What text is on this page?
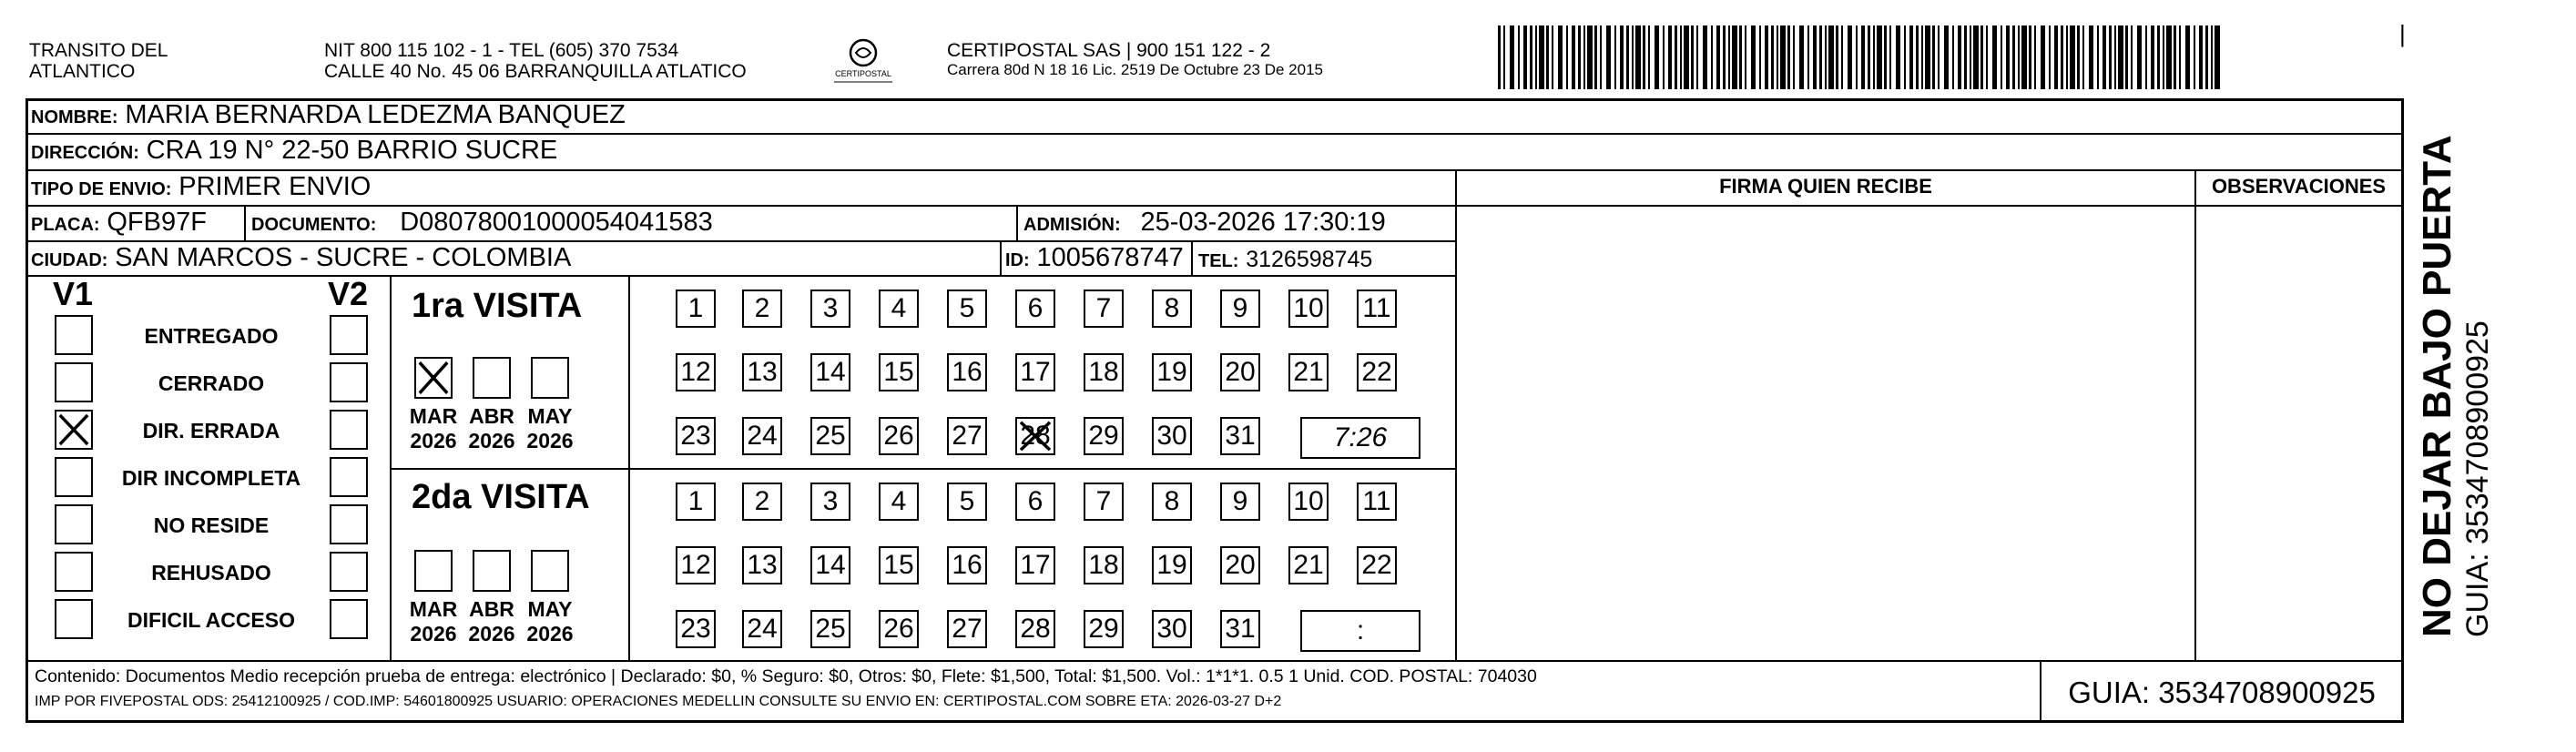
TRANSITO DEL
ATLANTICO
NIT 800 115 102 - 1 - TEL (605) 370 7534
CALLE 40 No. 45 06 BARRANQUILLA ATLATICO	CERTIPOSTAL
CERTIPOSTAL SAS | 900 151 122 - 2
Carrera 80d N 18 16 Lic. 2519 De Octubre 23 De 2015
|
NOMBRE: MARIA BERNARDA LEDEZMA BANQUEZ
DIRECCIÓN: CRA 19 N° 22-50 BARRIO SUCRE
TIPO DE ENVIO: PRIMER ENVIO	FIRMA QUIEN RECIBE	OBSERVACIONES
PLACA: QFB97F DOCUMENTO: D08078001000054041583	ADMISIÓN: 25-03-2026 17:30:19
CIUDAD: SAN MARCOS - SUCRE - COLOMBIA	ID: 1005678747 TEL: 3126598745
V1	V2 1ra VISITA
2da VISITA	NO DEJAR BAJO PUERTA GUIA: 3534708900925
Contenido: Documentos Medio recepción prueba de entrega: electrónico | Declarado: $0, % Seguro: $0, Otros: $0, Flete: $1,500, Total: $1,500. Vol.: 1*1*1. 0.5 1 Unid. COD. POSTAL: 704030
IMP POR FIVEPOSTAL ODS: 25412100925 / COD.IMP: 54601800925 USUARIO: OPERACIONES MEDELLIN CONSULTE SU ENVIO EN: CERTIPOSTAL.COM SOBRE ETA: 2026-03-27 D+2	GUIA: 3534708900925
ENTREGADO
CERRADO
DIR. ERRADA
DIR INCOMPLETA
NO RESIDE
REHUSADO
DIFICIL ACCESO
MAR
2026
ABR
2026
MAY
2026
MAR
2026
ABR
2026
MAY
2026
1	2	3	4	5	6	7	8	9	10 11
12 13 14 15 16 17 18 19 20 21 22
23 24 25 26 27 28 29 30 31	7:26
1	2	3	4	5	6	7	8	9	10 11
12 13 14 15 16 17 18 19 20 21 22
23 24 25 26 27 28 29 30 31	:
